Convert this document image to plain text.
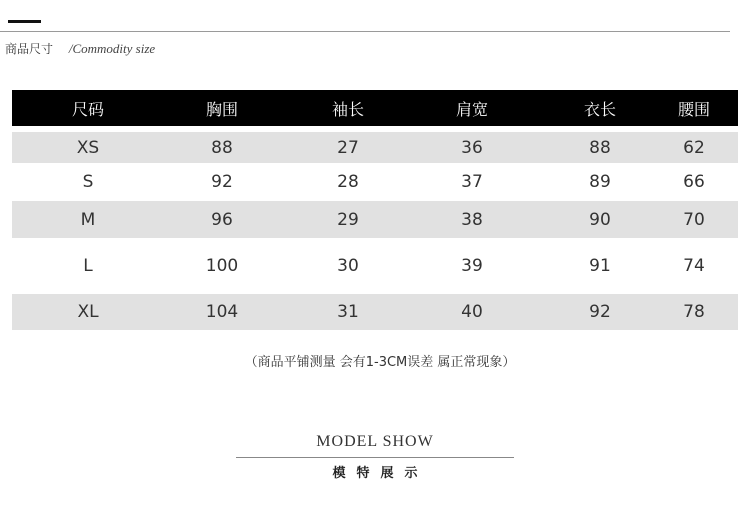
商品尺寸 /Commodity size
尺码	胸围	袖长	肩宽	衣长	腰围
XS	88	27	36	88	62
S	92	28	37	89	66
M	96	29	38	90	70
L	100	30	39	91	74
XL	104	31	40	92	78
（商品平铺测量 会有1-3CM误差 属正常现象）
MODEL SHOW
模特展示
